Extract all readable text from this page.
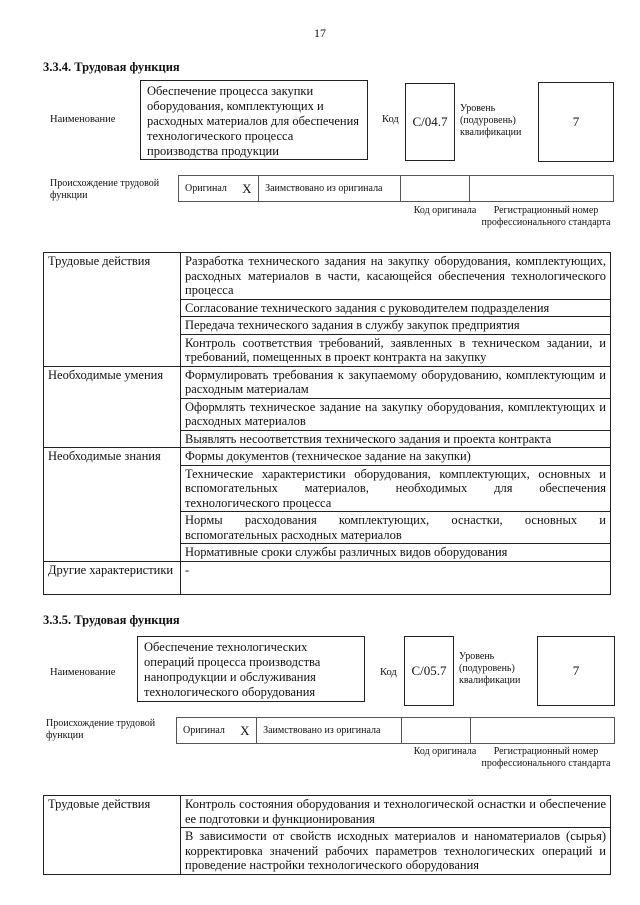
17
3.3.4. Трудовая функция
Наименование
Обеспечение процесса закупки оборудования, комплектующих и расходных материалов для обеспечения технологического процесса производства продукции
Код	C/04.7
Уровень (подуровень) квалификации
7
Происхождение трудовой функции
Оригинал	X	Заимствовано из оригинала		
Код оригинала	Регистрационный номер профессионального стандарта
Трудовые действия	Разработка технического задания на закупку оборудования, комплектующих, расходных материалов в части, касающейся обеспечения технологического процесса
	Согласование технического задания с руководителем подразделения
	Передача технического задания в службу закупок предприятия
	Контроль соответствия требований, заявленных в техническом задании, и требований, помещенных в проект контракта на закупку
Необходимые умения	Формулировать требования к закупаемому оборудованию, комплектующим и расходным материалам
	Оформлять техническое задание на закупку оборудования, комплектующих и расходных материалов
	Выявлять несоответствия технического задания и проекта контракта
Необходимые знания	Формы документов (техническое задание на закупки)
	Технические характеристики оборудования, комплектующих, основных и вспомогательных материалов, необходимых для обеспечения технологического процесса
	Нормы расходования комплектующих, оснастки, основных и вспомогательных расходных материалов
	Нормативные сроки службы различных видов оборудования
Другие характеристики	-
3.3.5. Трудовая функция
Наименование
Обеспечение технологических операций процесса производства нанопродукции и обслуживания технологического оборудования
Код	C/05.7
Уровень (подуровень) квалификации
7
Происхождение трудовой функции	Оригинал	X	Заимствовано из оригинала		
Код оригинала	Регистрационный номер профессионального стандарта
Трудовые действия	Контроль состояния оборудования и технологической оснастки и обеспечение ее подготовки и функционирования
В зависимости от свойств исходных материалов и наноматериалов (сырья) корректировка значений рабочих параметров технологических операций и проведение настройки технологического оборудования
